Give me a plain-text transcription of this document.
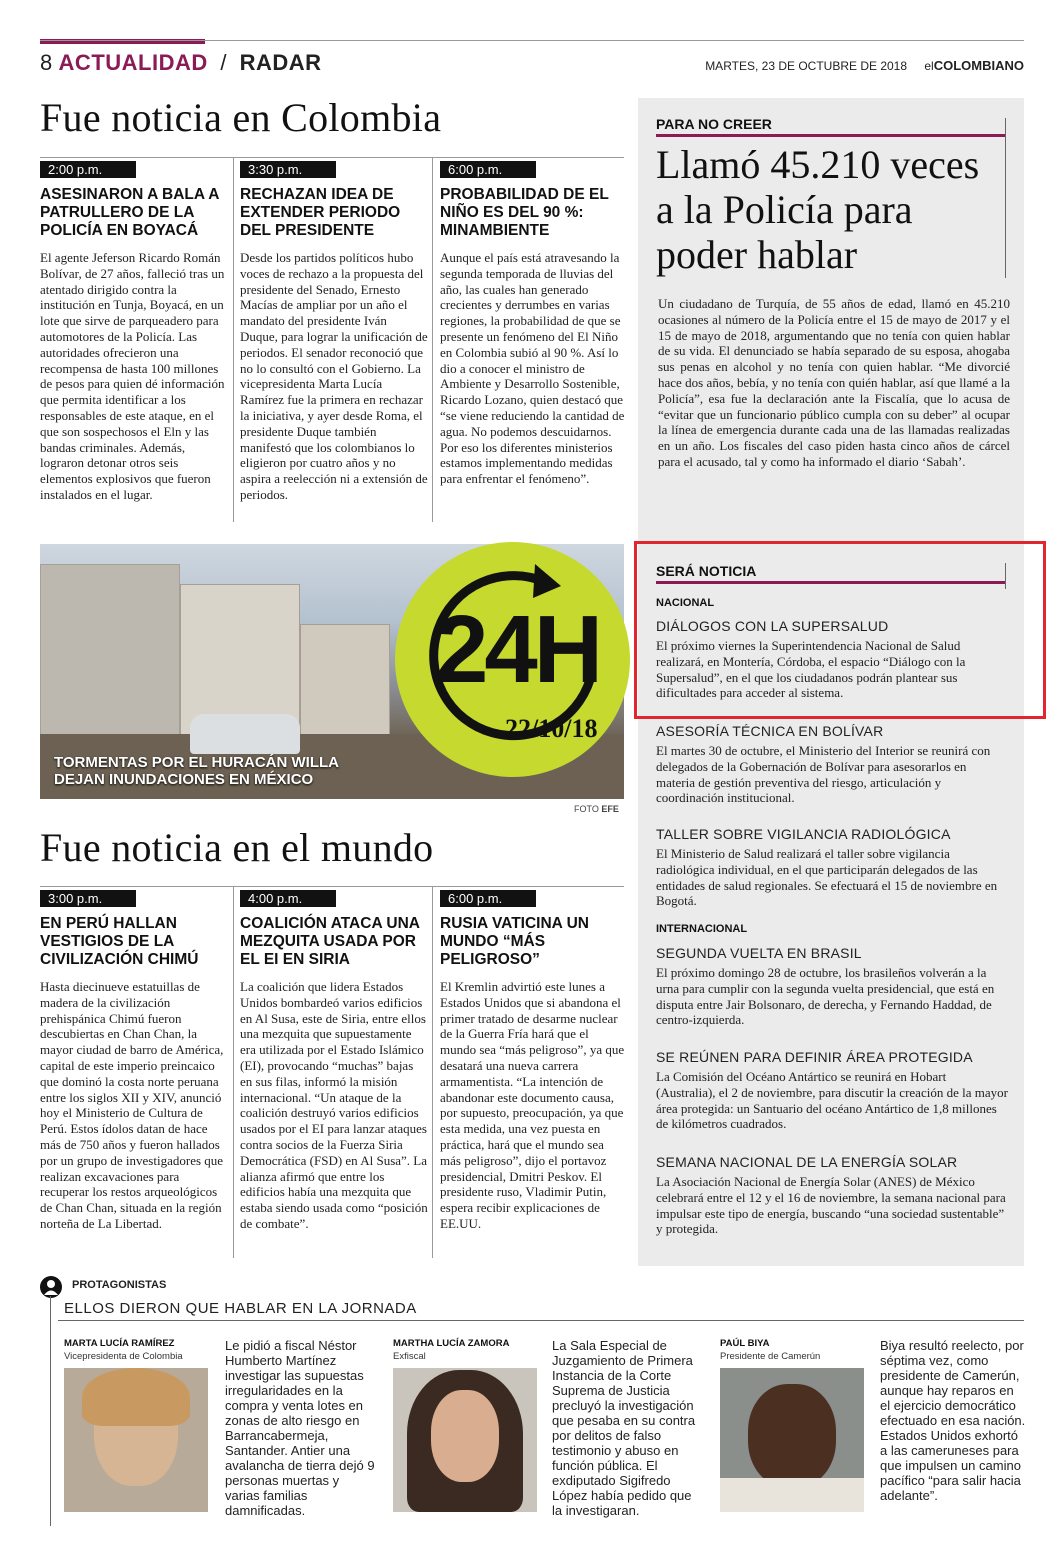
8 ACTUALIDAD / RADAR	MARTES, 23 DE OCTUBRE DE 2018 elCOLOMBIANO
Fue noticia en Colombia
2:00 p.m.
ASESINARON A BALA A PATRULLERO DE LA POLICÍA EN BOYACÁ
El agente Jeferson Ricardo Román Bolívar, de 27 años, falleció tras un atentado dirigido contra la institución en Tunja, Boyacá, en un lote que sirve de parqueadero para automotores de la Policía. Las autoridades ofrecieron una recompensa de hasta 100 millones de pesos para quien dé información que permita identificar a los responsables de este ataque, en el que son sospechosos el Eln y las bandas criminales. Además, lograron detonar otros seis elementos explosivos que fueron instalados en el lugar.
3:30 p.m.
RECHAZAN IDEA DE EXTENDER PERIODO DEL PRESIDENTE
Desde los partidos políticos hubo voces de rechazo a la propuesta del presidente del Senado, Ernesto Macías de ampliar por un año el mandato del presidente Iván Duque, para lograr la unificación de periodos. El senador reconoció que no lo consultó con el Gobierno. La vicepresidenta Marta Lucía Ramírez fue la primera en rechazar la iniciativa, y ayer desde Roma, el presidente Duque también manifestó que los colombianos lo eligieron por cuatro años y no aspira a reelección ni a extensión de periodos.
6:00 p.m.
PROBABILIDAD DE EL NIÑO ES DEL 90 %: MINAMBIENTE
Aunque el país está atravesando la segunda temporada de lluvias del año, las cuales han generado crecientes y derrumbes en varias regiones, la probabilidad de que se presente un fenómeno del El Niño en Colombia subió al 90 %. Así lo dio a conocer el ministro de Ambiente y Desarrollo Sostenible, Ricardo Lozano, quien destacó que “se viene reduciendo la cantidad de agua. No podemos descuidarnos. Por eso los diferentes ministerios estamos implementando medidas para enfrentar el fenómeno”.
TORMENTAS POR EL HURACÁN WILLA
DEJAN INUNDACIONES EN MÉXICO
24H
22/10/18
FOTO EFE
Fue noticia en el mundo
3:00 p.m.
EN PERÚ HALLAN VESTIGIOS DE LA CIVILIZACIÓN CHIMÚ
Hasta diecinueve estatuillas de madera de la civilización prehispánica Chimú fueron descubiertas en Chan Chan, la mayor ciudad de barro de América, capital de este imperio preincaico que dominó la costa norte peruana entre los siglos XII y XIV, anunció hoy el Ministerio de Cultura de Perú. Estos ídolos datan de hace más de 750 años y fueron hallados por un grupo de investigadores que realizan excavaciones para recuperar los restos arqueológicos de Chan Chan, situada en la región norteña de La Libertad.
4:00 p.m.
COALICIÓN ATACA UNA MEZQUITA USADA POR EL EI EN SIRIA
La coalición que lidera Estados Unidos bombardeó varios edificios en Al Susa, este de Siria, entre ellos una mezquita que supuestamente era utilizada por el Estado Islámico (EI), provocando “muchas” bajas en sus filas, informó la misión internacional. “Un ataque de la coalición destruyó varios edificios usados por el EI para lanzar ataques contra socios de la Fuerza Siria Democrática (FSD) en Al Susa”. La alianza afirmó que entre los edificios había una mezquita que estaba siendo usada como “posición de combate”.
6:00 p.m.
RUSIA VATICINA UN MUNDO “MÁS PELIGROSO”
El Kremlin advirtió este lunes a Estados Unidos que si abandona el primer tratado de desarme nuclear de la Guerra Fría hará que el mundo sea “más peligroso”, ya que desatará una nueva carrera armamentista. “La intención de abandonar este documento causa, por supuesto, preocupación, ya que esta medida, una vez puesta en práctica, hará que el mundo sea más peligroso”, dijo el portavoz presidencial, Dmitri Peskov. El presidente ruso, Vladimir Putin, espera recibir explicaciones de EE.UU.
PARA NO CREER
Llamó 45.210 veces a la Policía para poder hablar
Un ciudadano de Turquía, de 55 años de edad, llamó en 45.210 ocasiones al número de la Policía entre el 15 de mayo de 2017 y el 15 de mayo de 2018, argumentando que no tenía con quien hablar de su vida. El denunciado se había separado de su esposa, ahogaba sus penas en alcohol y no tenía con quien hablar. “Me divorcié hace dos años, bebía, y no tenía con quién hablar, así que llamé a la Policía”, esa fue la declaración ante la Fiscalía, que lo acusa de “evitar que un funcionario público cumpla con su deber” al ocupar la línea de emergencia durante cada una de las llamadas realizadas en un año. Los fiscales del caso piden hasta cinco años de cárcel para el acusado, tal y como ha informado el diario ‘Sabah’.
SERÁ NOTICIA
NACIONAL
DIÁLOGOS CON LA SUPERSALUD
El próximo viernes la Superintendencia Nacional de Salud realizará, en Montería, Córdoba, el espacio “Diálogo con la Supersalud”, en el que los ciudadanos podrán plantear sus dificultades para acceder al sistema.
ASESORÍA TÉCNICA EN BOLÍVAR
El martes 30 de octubre, el Ministerio del Interior se reunirá con delegados de la Gobernación de Bolívar para asesorarlos en materia de gestión preventiva del riesgo, articulación y coordinación institucional.
TALLER SOBRE VIGILANCIA RADIOLÓGICA
El Ministerio de Salud realizará el taller sobre vigilancia radiológica individual, en el que participarán delegados de las entidades de salud regionales. Se efectuará el 15 de noviembre en Bogotá.
INTERNACIONAL
SEGUNDA VUELTA EN BRASIL
El próximo domingo 28 de octubre, los brasileños volverán a la urna para cumplir con la segunda vuelta presidencial, que está en disputa entre Jair Bolsonaro, de derecha, y Fernando Haddad, de centro-izquierda.
SE REÚNEN PARA DEFINIR ÁREA PROTEGIDA
La Comisión del Océano Antártico se reunirá en Hobart (Australia), el 2 de noviembre, para discutir la creación de la mayor área protegida: un Santuario del océano Antártico de 1,8 millones de kilómetros cuadrados.
SEMANA NACIONAL DE LA ENERGÍA SOLAR
La Asociación Nacional de Energía Solar (ANES) de México celebrará entre el 12 y el 16 de noviembre, la semana nacional para impulsar este tipo de energía, buscando “una sociedad sustentable” y protegida.
PROTAGONISTAS
ELLOS DIERON QUE HABLAR EN LA JORNADA
MARTA LUCÍA RAMÍREZ
Vicepresidenta de Colombia
Le pidió a fiscal Néstor Humberto Martínez investigar las supuestas irregularidades en la compra y venta lotes en zonas de alto riesgo en Barrancabermeja, Santander. Antier una avalancha de tierra dejó 9 personas muertas y varias familias damnificadas.
MARTHA LUCÍA ZAMORA
Exfiscal
La Sala Especial de Juzgamiento de Primera Instancia de la Corte Suprema de Justicia precluyó la investigación que pesaba en su contra por delitos de falso testimonio y abuso en función pública. El exdiputado Sigifredo López había pedido que la investigaran.
PAÚL BIYA
Presidente de Camerún
Biya resultó reelecto, por séptima vez, como presidente de Camerún, aunque hay reparos en el ejercicio democrático efectuado en esa nación. Estados Unidos exhortó a las cameruneses para que impulsen un camino pacífico “para salir hacia adelante”.
